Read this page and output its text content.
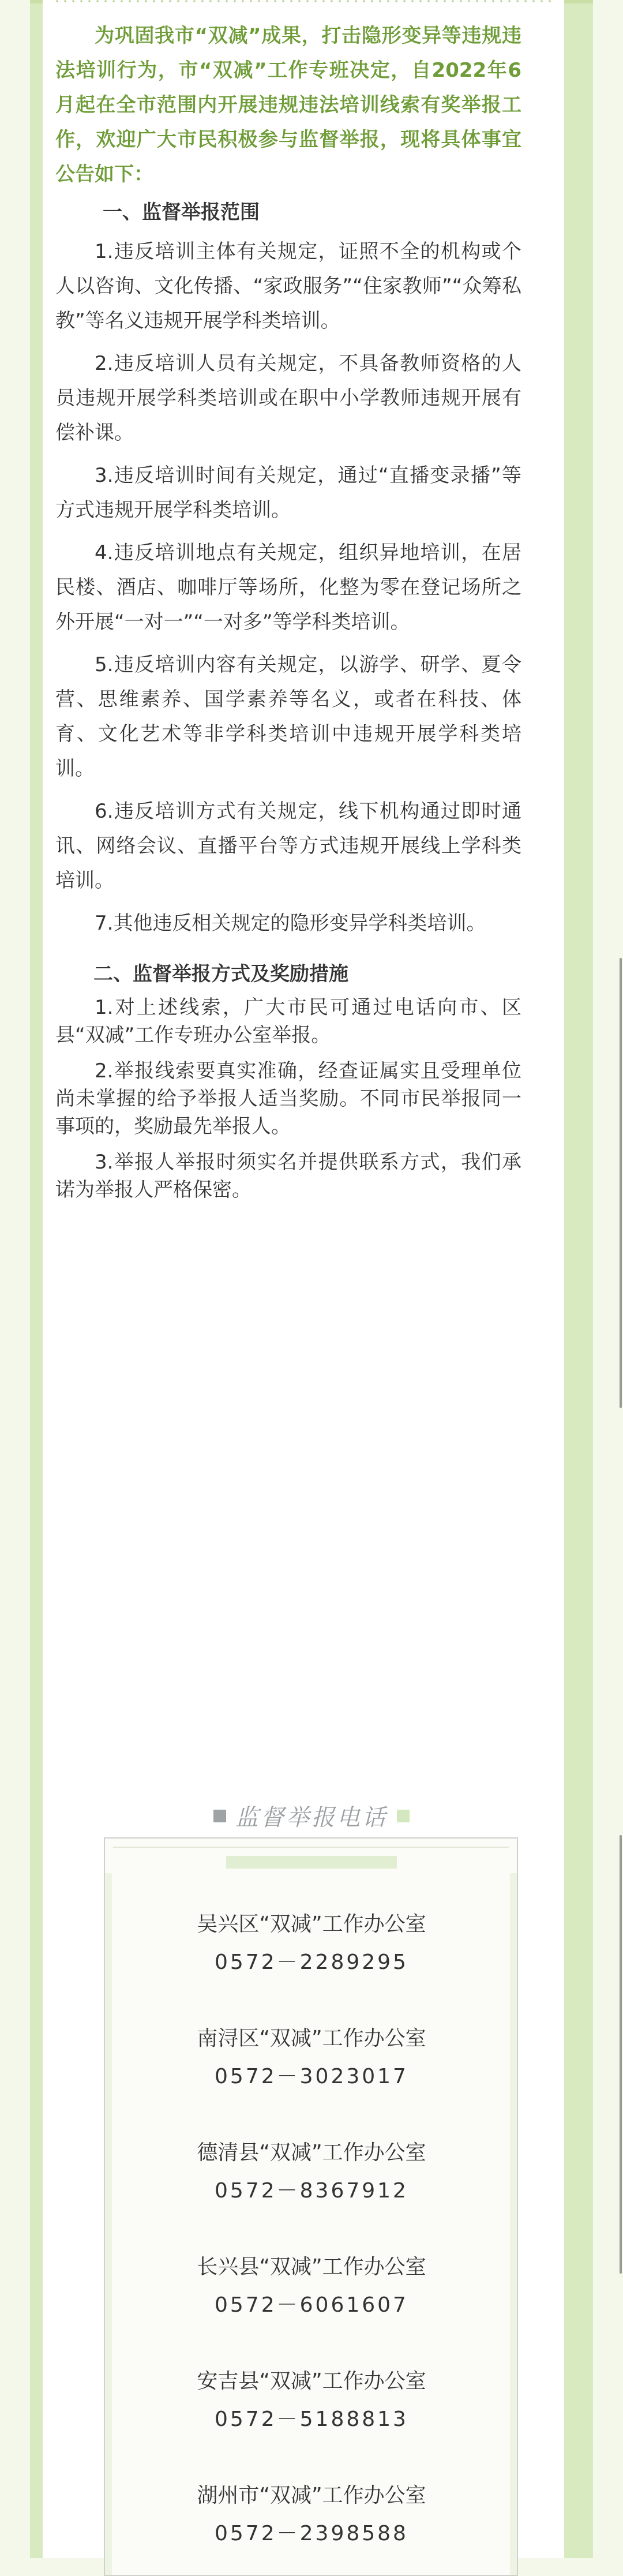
为巩固我市“双减”成果，打击隐形变异等违规违法培训行为，市“双减”工作专班决定，自2022年6月起在全市范围内开展违规违法培训线索有奖举报工作，欢迎广大市民积极参与监督举报，现将具体事宜公告如下：

一、监督举报范围

1.违反培训主体有关规定，证照不全的机构或个人以咨询、文化传播、“家政服务”“住家教师”“众筹私教”等名义违规开展学科类培训。

2.违反培训人员有关规定，不具备教师资格的人员违规开展学科类培训或在职中小学教师违规开展有偿补课。

3.违反培训时间有关规定，通过“直播变录播”等方式违规开展学科类培训。

4.违反培训地点有关规定，组织异地培训，在居民楼、酒店、咖啡厅等场所，化整为零在登记场所之外开展“一对一”“一对多”等学科类培训。

5.违反培训内容有关规定，以游学、研学、夏令营、思维素养、国学素养等名义，或者在科技、体育、文化艺术等非学科类培训中违规开展学科类培训。

6.违反培训方式有关规定，线下机构通过即时通讯、网络会议、直播平台等方式违规开展线上学科类培训。

7.其他违反相关规定的隐形变异学科类培训。

二、监督举报方式及奖励措施

1.对上述线索，广大市民可通过电话向市、区县“双减”工作专班办公室举报。

2.举报线索要真实准确，经查证属实且受理单位尚未掌握的给予举报人适当奖励。不同市民举报同一事项的，奖励最先举报人。

3.举报人举报时须实名并提供联系方式，我们承诺为举报人严格保密。

监督举报电话
吴兴区“双减”工作办公室
0572－2289295
南浔区“双减”工作办公室
0572－3023017
德清县“双减”工作办公室
0572－8367912
长兴县“双减”工作办公室
0572－6061607
安吉县“双减”工作办公室
0572－5188813
湖州市“双减”工作办公室
0572－2398588
